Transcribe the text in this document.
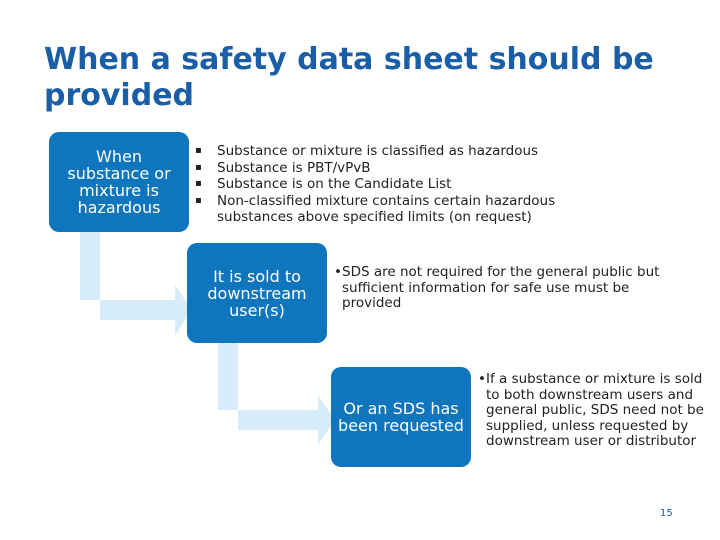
When a safety data sheet should be provided
When substance or mixture is hazardous
▪ Substance or mixture is classified as hazardous
▪ Substance is PBT/vPvB
▪ Substance is on the Candidate List
▪ Non-classified mixture contains certain hazardous substances above specified limits (on request)
It is sold to downstream user(s)
• SDS are not required for the general public but sufficient information for safe use must be provided
Or an SDS has been requested
• If a substance or mixture is sold to both downstream users and general public, SDS need not be supplied, unless requested by downstream user or distributor
15
